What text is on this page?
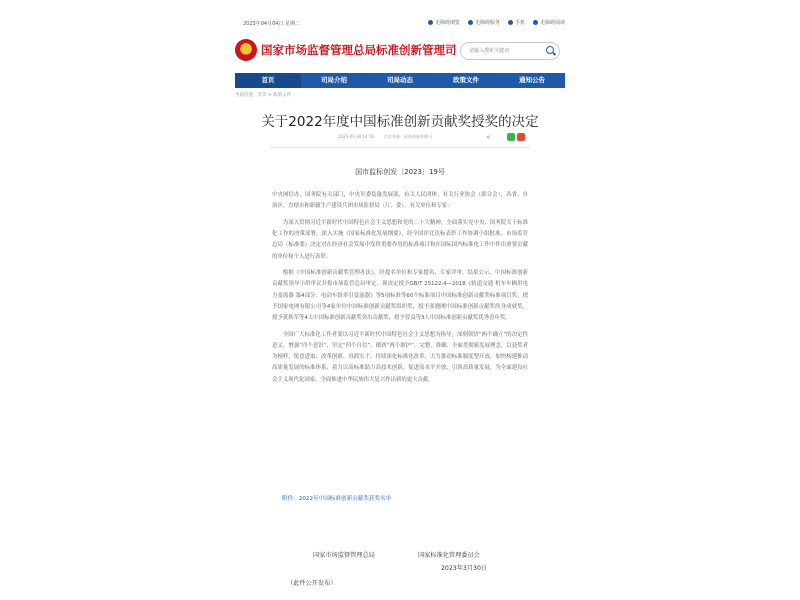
2023年04月04日 星期二	无障碍浏览	无障碍服务	手机	无障碍阅读
★
国家市场监督管理总局标准创新管理司	请输入搜索关键词
首页	司局介绍	司局动态	政策文件	通知公告
当前位置：首页 > 政策文件
关于2022年度中国标准创新贡献奖授奖的决定
2023-03-30 14:16	信息来源：标准创新管理司	<
国市监标创发〔2023〕19号

中央网信办，国务院有关部门，中央军委装备发展部，有关人民团体，有关行业协会（联合会），各省、自治区、直辖市和新疆生产建设兵团市场监督局（厅、委），有关单位和专家：

为深入贯彻习近平新时代中国特色社会主义思想和党的二十大精神，全面落实党中央、国务院关于标准化工作的决策部署，深入实施《国家标准化发展纲要》，经全国评比达标表彰工作协调小组批准，市场监管总局（标准委）决定对在经济社会发展中发挥重要作用的标准项目和在国际国内标准化工作中作出重要贡献的单位和个人进行表彰。

根据《中国标准创新贡献奖管理办法》，经提名单位和专家提名、专家评审、结果公示、中国标准创新贡献奖领导小组审议并报市场监管总局审定，现决定授予GB/T 25122.4—2018《轨道交通 机车车辆用电力变流器 第4部分：电动车组牵引变流器》等5项标准等60个标准项目中国标准创新贡献奖标准项目奖，授予国家电网有限公司等4家单位中国标准创新贡献奖组织奖，授予张晓刚中国标准创新贡献奖终身成就奖，授予黄秋军等4人中国标准创新贡献奖突出贡献奖，授予曾益等3人中国标准创新贡献奖优秀青年奖。

全国广大标准化工作者要以习近平新时代中国特色社会主义思想为指导，深刻领悟“两个确立”的决定性意义，增强“四个意识”、坚定“四个自信”、做到“两个维护”，完整、准确、全面贯彻新发展理念，以获奖者为榜样，锐意进取、改革创新、真抓实干，持续深化标准化改革，大力推动标准制度型开放，加快构建推动高质量发展的标准体系，着力以高标准助力高技术创新、促进高水平开放、引领高质量发展，为全面建设社会主义现代化国家、全面推进中华民族伟大复兴作出新的更大贡献。

附件：2022年中国标准创新贡献奖获奖名单
国家市场监督管理总局	国家标准化管理委员会
2023年3月30日
（此件公开发布）
